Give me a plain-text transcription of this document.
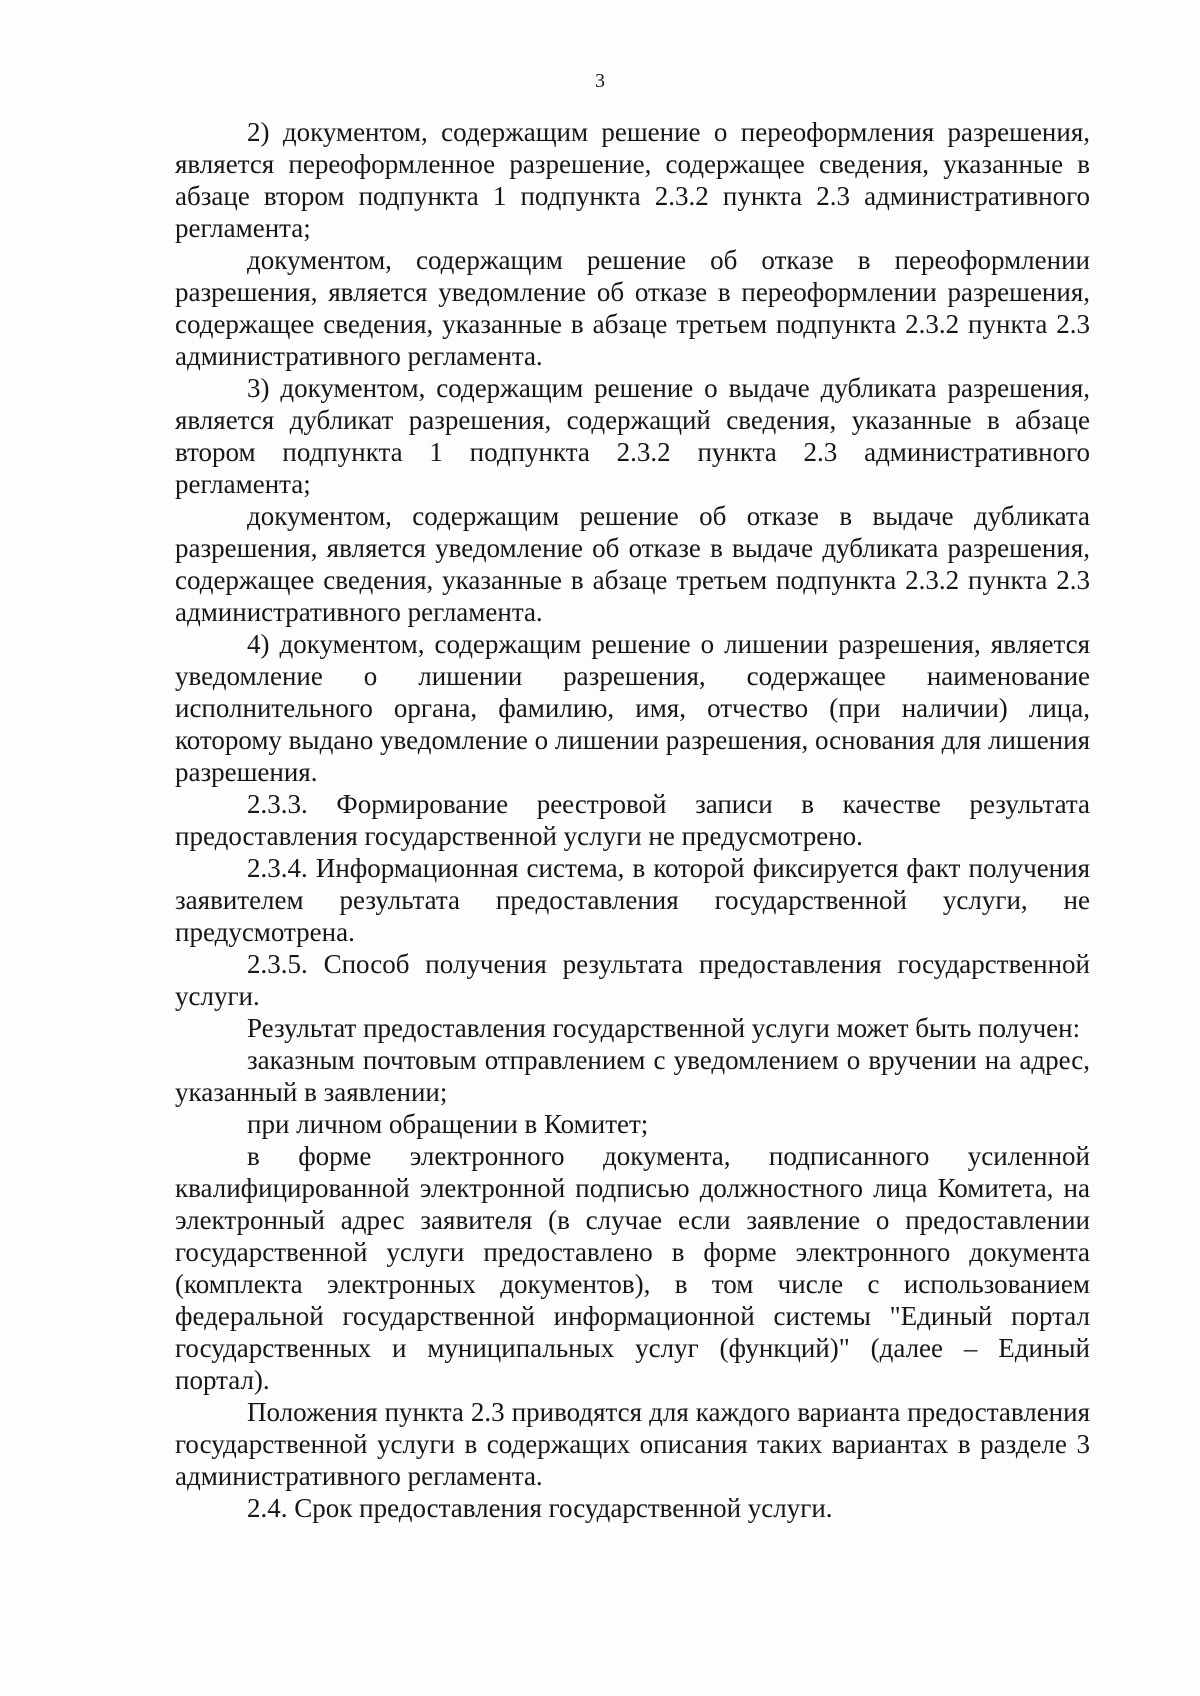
3

2) документом, содержащим решение о переоформления разрешения, является переоформленное разрешение, содержащее сведения, указанные в абзаце втором подпункта 1 подпункта 2.3.2 пункта 2.3 административного регламента;

документом, содержащим решение об отказе в переоформлении разрешения, является уведомление об отказе в переоформлении разрешения, содержащее сведения, указанные в абзаце третьем подпункта 2.3.2 пункта 2.3 административного регламента.

3) документом, содержащим решение о выдаче дубликата разрешения, является дубликат разрешения, содержащий сведения, указанные в абзаце втором подпункта 1 подпункта 2.3.2 пункта 2.3 административного регламента;

документом, содержащим решение об отказе в выдаче дубликата разрешения, является уведомление об отказе в выдаче дубликата разрешения, содержащее сведения, указанные в абзаце третьем подпункта 2.3.2 пункта 2.3 административного регламента.

4) документом, содержащим решение о лишении разрешения, является уведомление о лишении разрешения, содержащее наименование исполнительного органа, фамилию, имя, отчество (при наличии) лица, которому выдано уведомление о лишении разрешения, основания для лишения разрешения.

2.3.3. Формирование реестровой записи в качестве результата предоставления государственной услуги не предусмотрено.

2.3.4. Информационная система, в которой фиксируется факт получения заявителем результата предоставления государственной услуги, не предусмотрена.

2.3.5. Способ получения результата предоставления государственной услуги.

Результат предоставления государственной услуги может быть получен:

заказным почтовым отправлением с уведомлением о вручении на адрес, указанный в заявлении;

при личном обращении в Комитет;

в форме электронного документа, подписанного усиленной квалифицированной электронной подписью должностного лица Комитета, на электронный адрес заявителя (в случае если заявление о предоставлении государственной услуги предоставлено в форме электронного документа (комплекта электронных документов), в том числе с использованием федеральной государственной информационной системы "Единый портал государственных и муниципальных услуг (функций)" (далее – Единый портал).

Положения пункта 2.3 приводятся для каждого варианта предоставления государственной услуги в содержащих описания таких вариантах в разделе 3 административного регламента.

2.4. Срок предоставления государственной услуги.
